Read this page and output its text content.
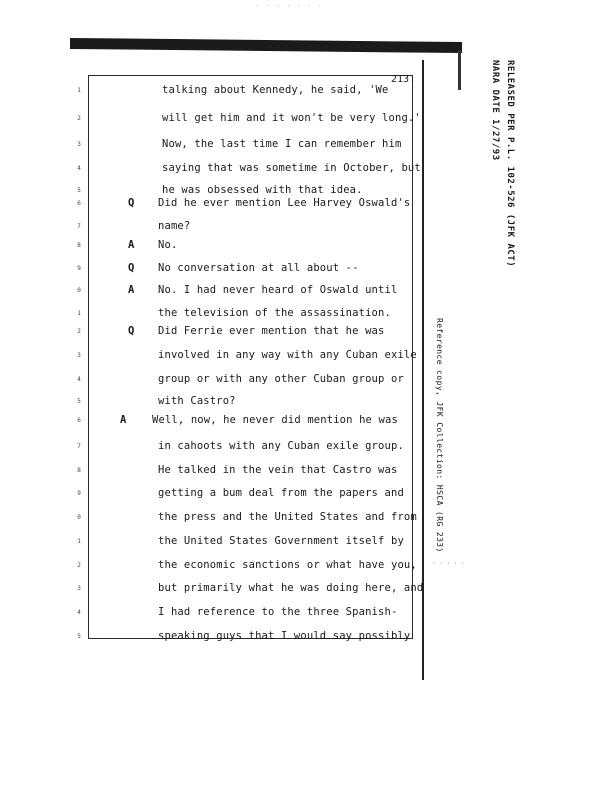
· · · · · · ·
213
1	talking about Kennedy, he said, 'We
2	will get him and it won't be very long.'
3	Now, the last time I can remember him
4	saying that was sometime in October, but
5	he was obsessed with that idea.
6	Q Did he ever mention Lee Harvey Oswald's
7	name?
8	A No.
9	Q No conversation at all about --
0	A No. I had never heard of Oswald until
1	the television of the assassination.
2	Q Did Ferrie ever mention that he was
3	involved in any way with any Cuban exile
4	group or with any other Cuban group or
5	with Castro?
6	A Well, now, he never did mention he was
7	in cahoots with any Cuban exile group.
8	He talked in the vein that Castro was
9	getting a bum deal from the papers and
0	the press and the United States and from
1	the United States Government itself by
2	the economic sanctions or what have you,
3	but primarily what he was doing here, and
4	I had reference to the three Spanish-
5	speaking guys that I would say possibly
RELEASED PER P.L. 102-526 (JFK ACT)
NARA DATE 1/27/93
Reference copy, JFK Collection: HSCA (RG 233)
· · · · ·
